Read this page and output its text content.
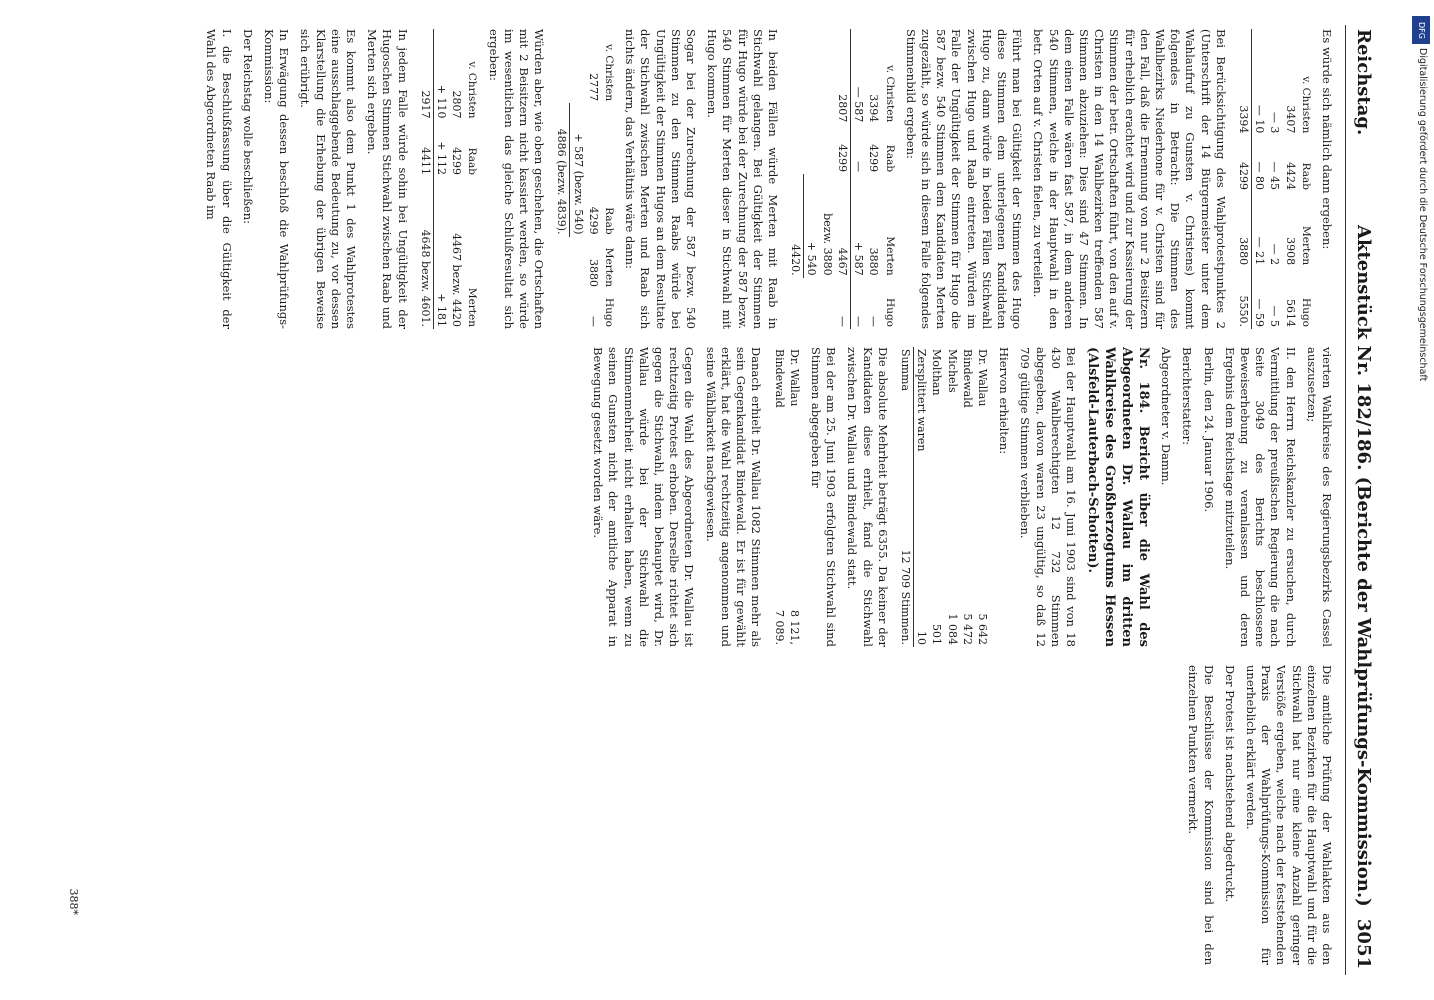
DFG
Digitalisierung gefördert durch die Deutsche Forschungsgemeinschaft
Reichstag.
Aktenstück Nr. 182/186. (Berichte der Wahlprüfungs-Kommission.)
3051

Es würde sich nämlich dann ergeben:

v. Christen	Raab	Merten	Hugo
3407	4424	3908	5614
— 3	— 45	— 2	— 5
— 10	— 80	— 21	— 59
3394	4299	3880	5550.

Bei Berücksichtigung des Wahlprotestpunktes 2 (Unterschrift der 14 Bürgermeister unter dem Wahlaufruf zu Gunsten v. Christens) kommt folgendes in Betracht: Die Stimmen des Wahlbezirks Niederhone für v. Christen sind für den Fall, daß die Ernennung von nur 2 Beisitzern für erheblich erachtet wird und zur Kassierung der Stimmen der betr. Ortschaften führt, von den auf v. Christen in den 14 Wahlbezirken treffenden 587 Stimmen abzuziehen: Dies sind 47 Stimmen. In dem einen Falle wären fast 587, in dem anderen 540 Stimmen, welche in der Hauptwahl in den betr. Orten auf v. Christen fielen, zu verteilen.

Führt man bei Gültigkeit der Stimmen des Hugo diese Stimmen dem unterlegenen Kandidaten Hugo zu, dann würde in beiden Fällen Stichwahl zwischen Hugo und Raab eintreten. Würden im Falle der Ungültigkeit der Stimmen für Hugo die 587 bezw. 540 Stimmen dem Kandidaten Merten zugezählt, so würde sich in diesem Falle folgendes Stimmenbild ergeben:

v. Christen	Raab	Merten	Hugo
3394	4299	3880	—
— 587	—	+ 587	—
2807	4299	4467	—
		bezw. 3880	
		+ 540	
		4420.	

In beiden Fällen würde Merten mit Raab in Stichwahl gelangen. Bei Gültigkeit der Stimmen für Hugo würde bei der Zurechnung der 587 bezw. 540 Stimmen für Merten dieser in Stichwahl mit Hugo kommen.

Sogar bei der Zurechnung der 587 bezw. 540 Stimmen zu den Stimmen Raabs würde bei Ungültigkeit der Stimmen Hugos an dem Resultate der Stichwahl zwischen Merten und Raab sich nichts ändern, das Verhältnis wäre dann:

v. Christen	Raab	Merten	Hugo
2777	4299	3880	—
	+ 587 (bezw. 540)		
	4886 (bezw. 4839).		

Würden aber, wie oben geschehen, die Ortschaften mit 2 Beisitzern nicht kassiert werden, so würde im wesentlichen das gleiche Schlußresultat sich ergeben:

v. Christen	Raab	Merten
2807	4299	4467 bezw. 4420
+ 110	+ 112	+ 181
2917	4411	4648 bezw. 4601.

In jedem Falle würde sohin bei Ungültigkeit der Hugoschen Stimmen Stichwahl zwischen Raab und Merten sich ergeben.

Es kommt also dem Punkt 1 des Wahlprotestes eine ausschlaggebende Bedeutung zu, vor dessen Klarstellung die Erhebung der übrigen Beweise sich erübrigt.

In Erwägung dessen beschloß die Wahlprüfungs-Kommission:

Der Reichstag wolle beschließen:

I. die Beschlußfassung über die Gültigkeit der Wahl des Abgeordneten Raab im

vierten Wahlkreise des Regierungsbezirks Cassel auszusetzen;

II. den Herrn Reichskanzler zu ersuchen, durch Vermittlung der preußischen Regierung die nach Seite 3049 des Berichts beschlossene Beweiserhebung zu veranlassen und deren Ergebnis dem Reichstage mitzuteilen.

Berlin, den 24. Januar 1906.

Berichterstatter:

Abgeordneter v. Damm.

Nr. 184. Bericht über die Wahl des Abgeordneten Dr. Wallau im dritten Wahlkreise des Großherzogtums Hessen (Alsfeld-Lauterbach-Schotten).

Bei der Hauptwahl am 16. Juni 1903 sind von 18 430 Wahlberechtigten 12 732 Stimmen abgegeben, davon waren 23 ungültig, so daß 12 709 gültige Stimmen verblieben.

Hiervon erhielten:

Dr. Wallau	5 642
Bindewald	5 472
Michels	1 084
Molthan	501
Zersplittert waren	10
Summa	12 709 Stimmen.

Die absolute Mehrheit beträgt 6355. Da keiner der Kandidaten diese erhielt, fand die Stichwahl zwischen Dr. Wallau und Bindewald statt.

Bei der am 25. Juni 1903 erfolgten Stichwahl sind Stimmen abgegeben für

Dr. Wallau	8 121,
Bindewald	7 089.

Danach erhielt Dr. Wallau 1082 Stimmen mehr als sein Gegenkandidat Bindewald. Er ist für gewählt erklärt, hat die Wahl rechtzeitig angenommen und seine Wählbarkeit nachgewiesen.

Gegen die Wahl des Abgeordneten Dr. Wallau ist rechtzeitig Protest erhoben. Derselbe richtet sich gegen die Stichwahl, indem behauptet wird, Dr. Wallau würde bei der Stichwahl die Stimmenmehrheit nicht erhalten haben, wenn zu seinen Gunsten nicht der amtliche Apparat in Bewegung gesetzt worden wäre.

Die amtliche Prüfung der Wahlakten aus den einzelnen Bezirken für die Hauptwahl und für die Stichwahl hat nur eine kleine Anzahl geringer Verstöße ergeben, welche nach der feststehenden Praxis der Wahlprüfungs-Kommission für unerheblich erklärt werden.

Der Protest ist nachstehend abgedruckt.

Die Beschlüsse der Kommission sind bei den einzelnen Punkten vermerkt.

388*
